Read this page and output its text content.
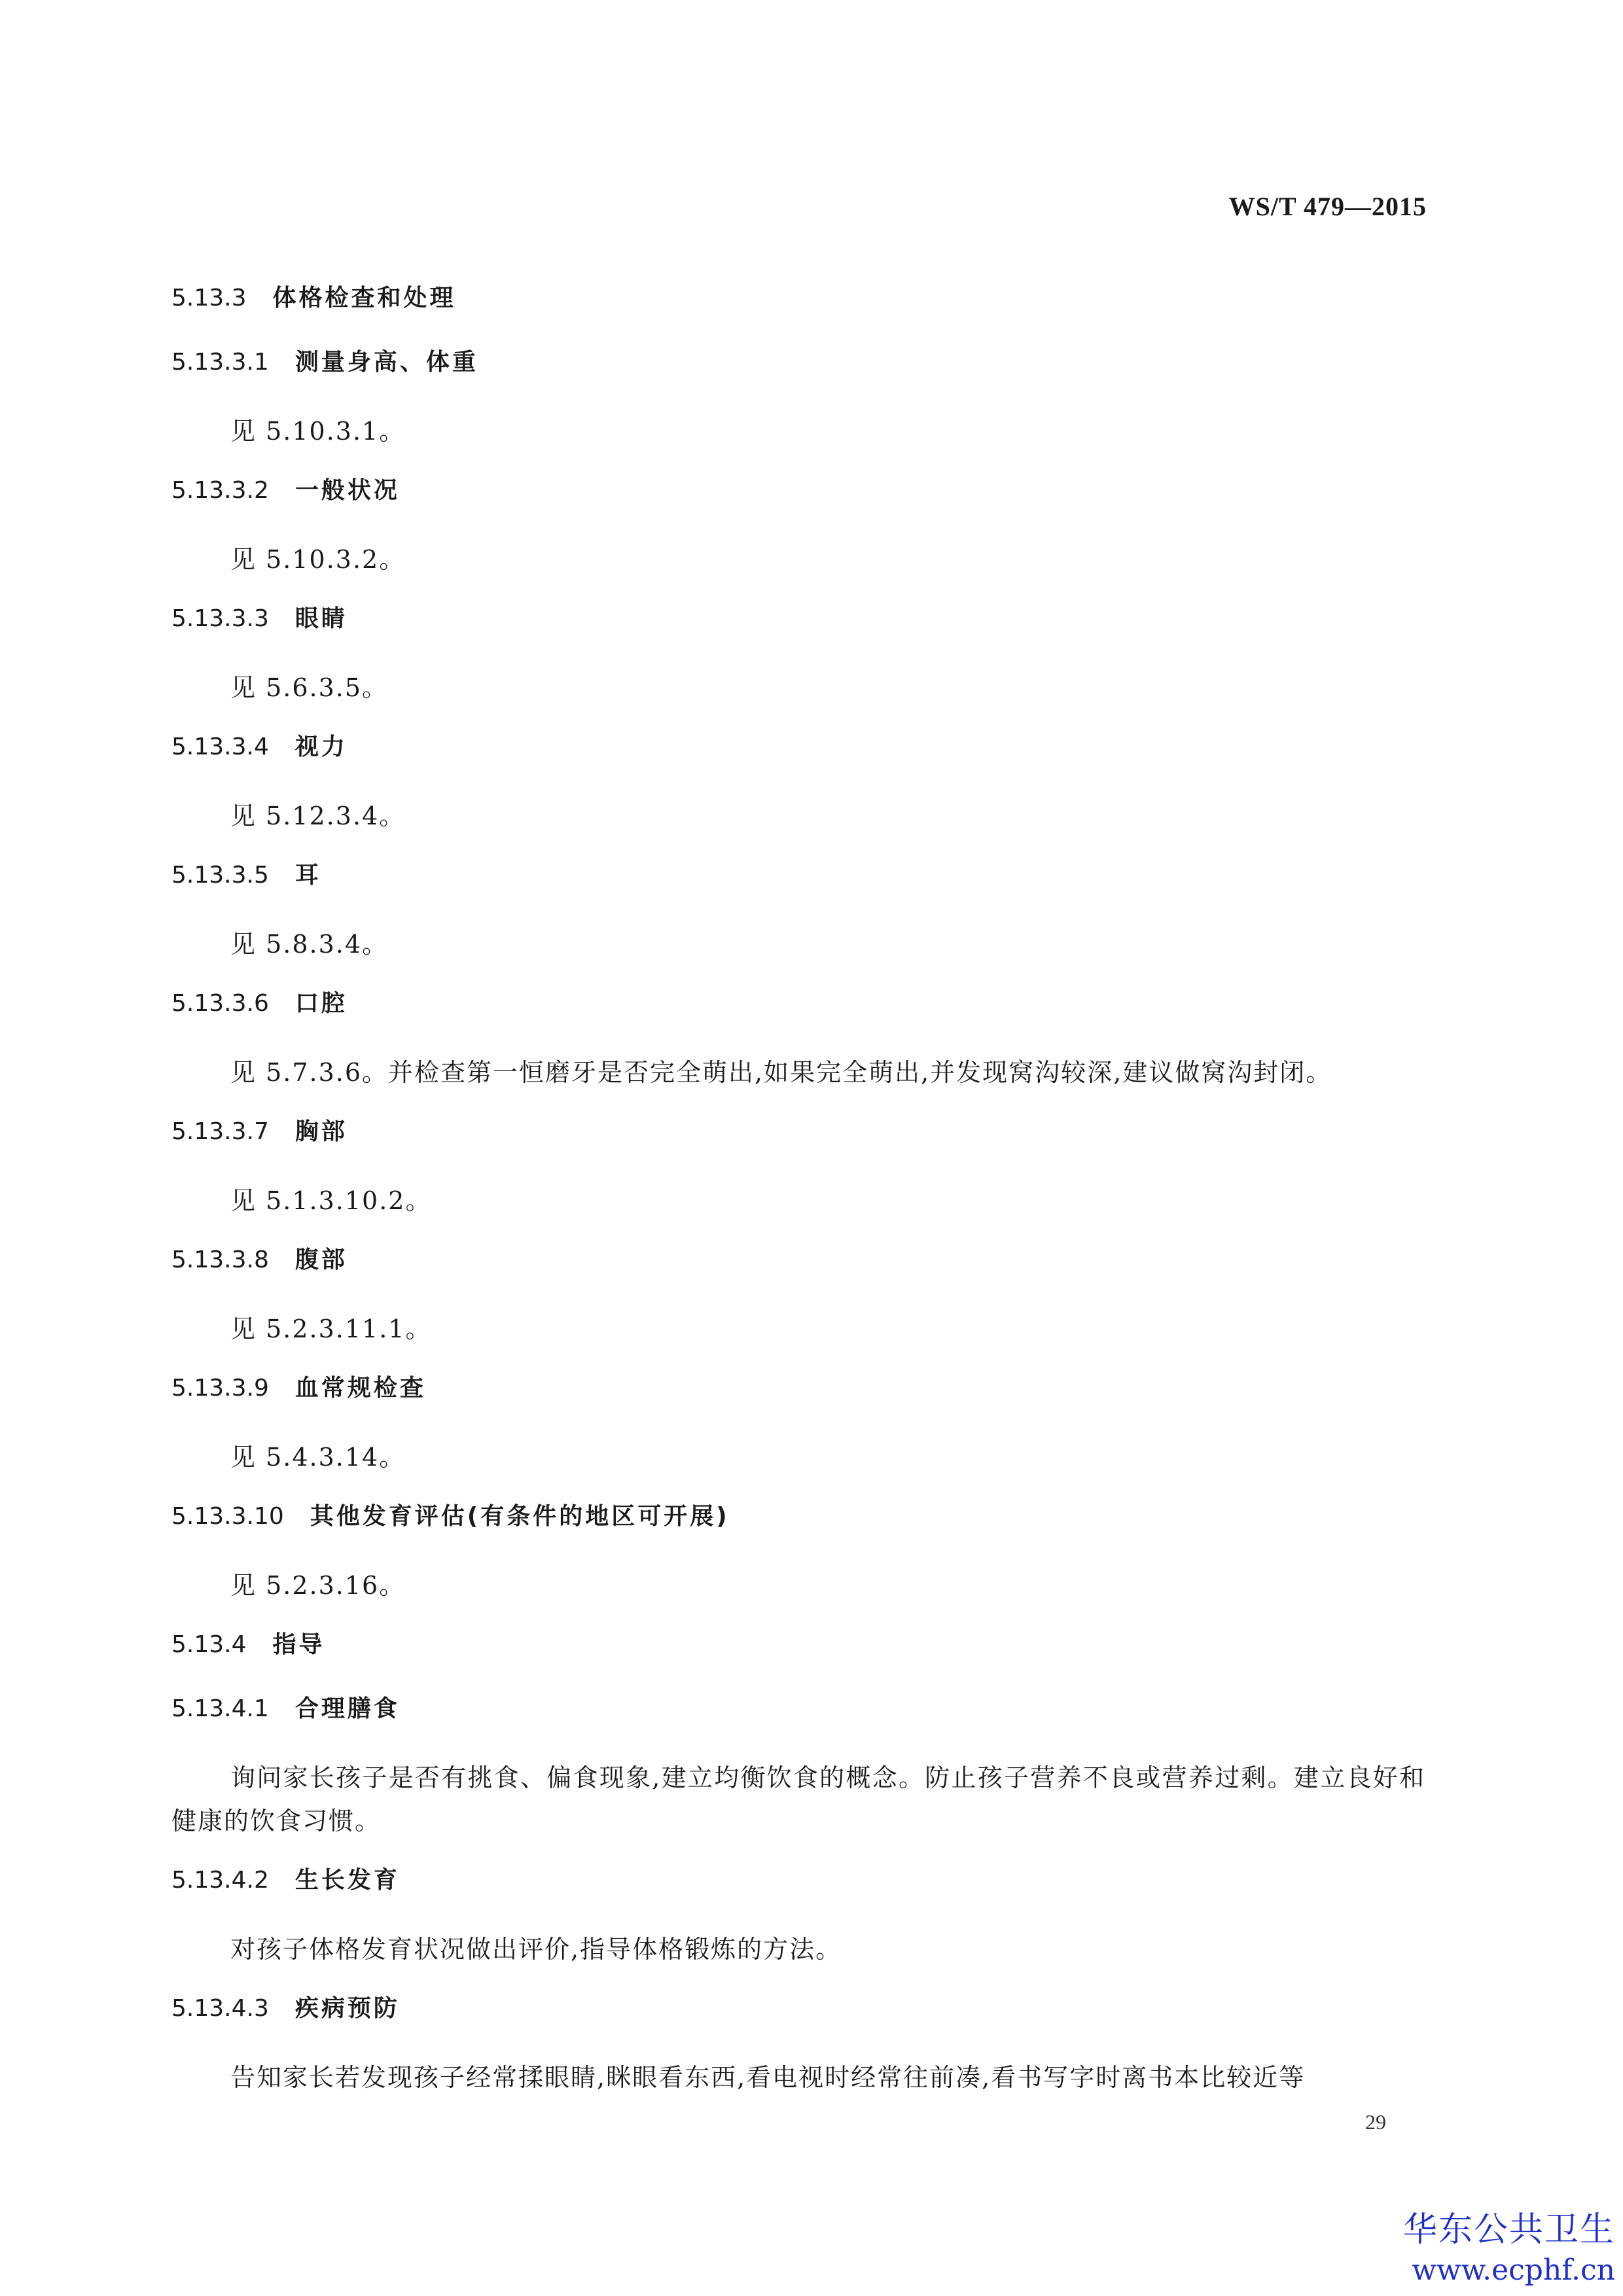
WS/T 479—2015
5.13.3 体格检查和处理
5.13.3.1 测量身高、体重
见 5.10.3.1。
5.13.3.2 一般状况
见 5.10.3.2。
5.13.3.3 眼睛
见 5.6.3.5。
5.13.3.4 视力
见 5.12.3.4。
5.13.3.5 耳
见 5.8.3.4。
5.13.3.6 口腔
见 5.7.3.6。并检查第一恒磨牙是否完全萌出,如果完全萌出,并发现窝沟较深,建议做窝沟封闭。
5.13.3.7 胸部
见 5.1.3.10.2。
5.13.3.8 腹部
见 5.2.3.11.1。
5.13.3.9 血常规检查
见 5.4.3.14。
5.13.3.10 其他发育评估(有条件的地区可开展)
见 5.2.3.16。
5.13.4 指导
5.13.4.1 合理膳食
询问家长孩子是否有挑食、偏食现象,建立均衡饮食的概念。防止孩子营养不良或营养过剩。建立良好和健康的饮食习惯。
5.13.4.2 生长发育
对孩子体格发育状况做出评价,指导体格锻炼的方法。
5.13.4.3 疾病预防
告知家长若发现孩子经常揉眼睛,眯眼看东西,看电视时经常往前凑,看书写字时离书本比较近等
29
华东公共卫生
www.ecphf.cn
